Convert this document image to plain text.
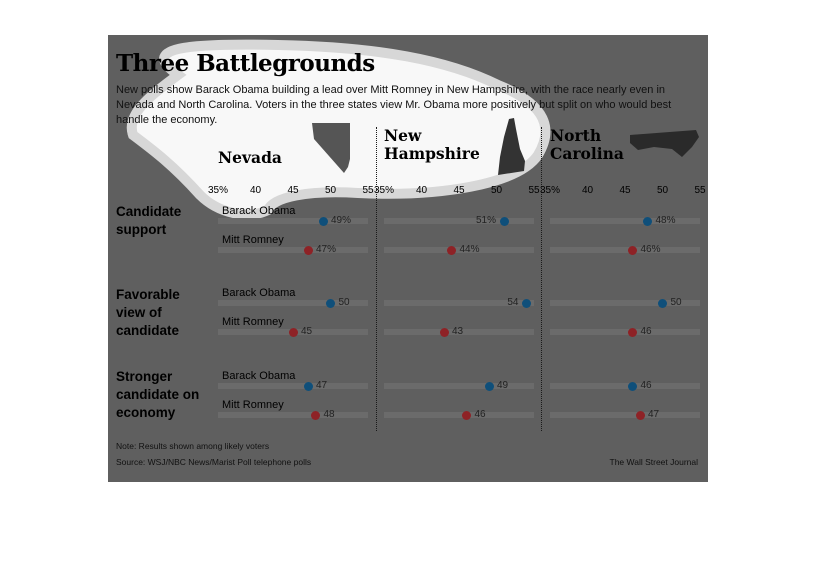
Three Battlegrounds
New polls show Barack Obama building a lead over Mitt Romney in New Hampshire, with the race nearly even in Nevada and North Carolina. Voters in the three states view Mr. Obama more positively but split on who would best handle the economy.
Nevada
New Hampshire
North Carolina
Candidate support
Favorable view of candidate
Stronger candidate on economy
35% 40	45	50	55 35% 40	45	50	55 35% 40	45	50	55
Barack Obama
49%	51%	48%
Mitt Romney
47%	44%	46%
Barack Obama
50	54	50
Mitt Romney
45	43	46
Barack Obama
47	49	46
Mitt Romney
48	46	47
Note: Results shown among likely voters
Source: WSJ/NBC News/Marist Poll telephone polls	The Wall Street Journal
